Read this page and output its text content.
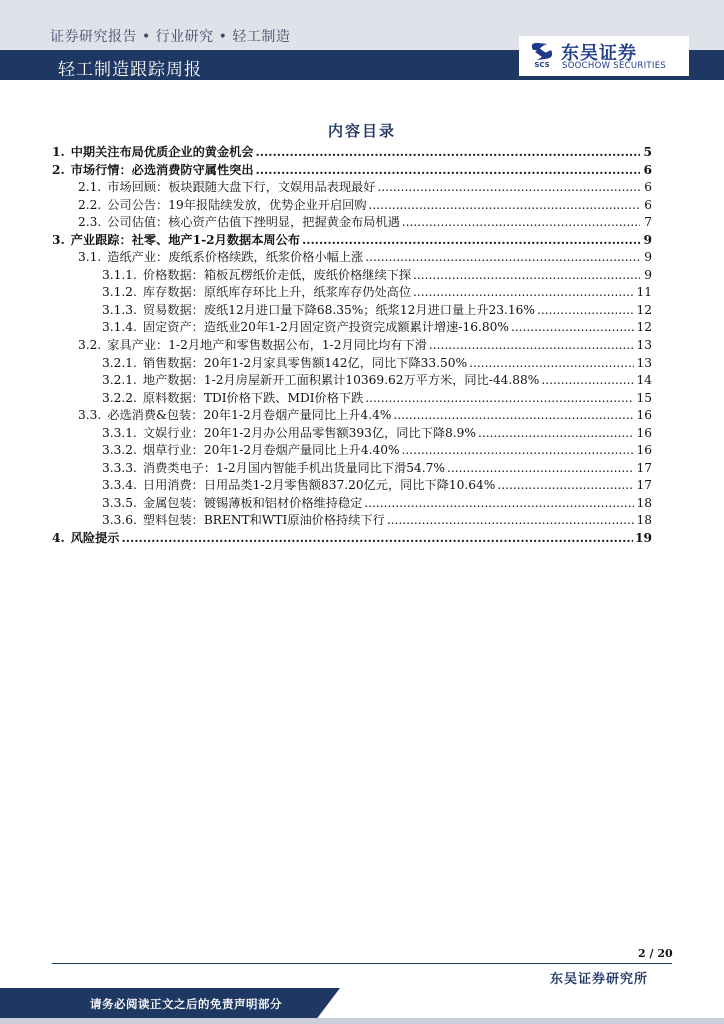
证券研究报告 • 行业研究 • 轻工制造
轻工制造跟踪周报	SCS
东吴证券
SOOCHOW SECURITIES
内容目录
1. 中期关注布局优质企业的黄金机会 .....	5
2. 市场行情：必选消费防守属性突出 .....	6
2.1. 市场回顾：板块跟随大盘下行，文娱用品表现最好 .....	6
2.2. 公司公告：19年报陆续发放，优势企业开启回购 .....	6
2.3. 公司估值：核心资产估值下挫明显，把握黄金布局机遇 .....	7
3. 产业跟踪：社零、地产1-2月数据本周公布 .....	9
3.1. 造纸产业：废纸系价格续跌，纸浆价格小幅上涨 .....	9
3.1.1. 价格数据：箱板瓦楞纸价走低，废纸价格继续下探 .....	9
3.1.2. 库存数据：原纸库存环比上升，纸浆库存仍处高位 .....	11
3.1.3. 贸易数据：废纸12月进口量下降68.35%；纸浆12月进口量上升23.16% .....	12
3.1.4. 固定资产：造纸业20年1-2月固定资产投资完成额累计增速-16.80% .....	12
3.2. 家具产业：1-2月地产和零售数据公布，1-2月同比均有下滑 .....	13
3.2.1. 销售数据：20年1-2月家具零售额142亿，同比下降33.50% .....	13
3.2.1. 地产数据：1-2月房屋新开工面积累计10369.62万平方米，同比-44.88% .....	14
3.2.2. 原料数据：TDI价格下跌、MDI价格下跌 .....	15
3.3. 必选消费&包装：20年1-2月卷烟产量同比上升4.4% .....	16
3.3.1. 文娱行业：20年1-2月办公用品零售额393亿，同比下降8.9% .....	16
3.3.2. 烟草行业：20年1-2月卷烟产量同比上升4.40% .....	16
3.3.3. 消费类电子：1-2月国内智能手机出货量同比下滑54.7% .....	17
3.3.4. 日用消费：日用品类1-2月零售额837.20亿元，同比下降10.64% .....	17
3.3.5. 金属包装：镀锡薄板和铝材价格维持稳定 .....	18
3.3.6. 塑料包装：BRENT和WTI原油价格持续下行 .....	18
4. 风险提示 .....	19
2 / 20
东吴证券研究所
请务必阅读正文之后的免责声明部分
